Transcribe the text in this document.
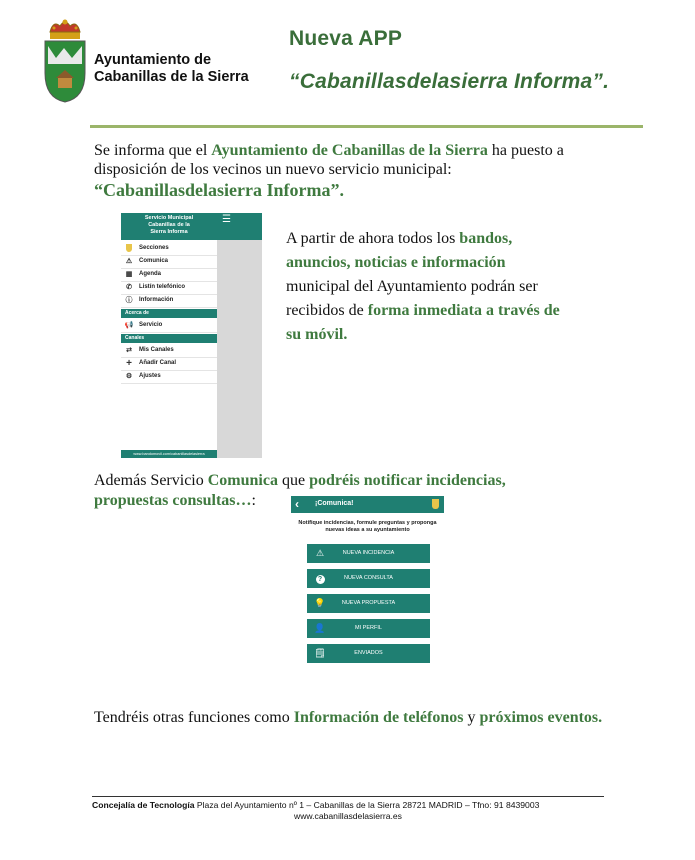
Ayuntamiento de
Cabanillas de la Sierra
Nueva APP
“Cabanillasdelasierra Informa”.
Se informa que el Ayuntamiento de Cabanillas de la Sierra ha puesto a disposición de los vecinos un nuevo servicio municipal:
“Cabanillasdelasierra Informa”.
Servicio Municipal
Cabanillas de la
Sierra Informa
☰
Secciones
⚠	Comunica
▦ Agenda
✆	Listín telefónico
ⓘ Información
Acerca de
📢 Servicio
Canales
⇄	Mis Canales
+	Añadir Canal
⚙	Ajustes
www.bandomovil.com/cabanillasdelasierra
A partir de ahora todos los bandos, anuncios, noticias e información municipal del Ayuntamiento podrán ser recibidos de forma inmediata a través de su móvil.
Además Servicio Comunica que podréis notificar incidencias, propuestas consultas…:	‹ ¡Comunica!
Notifique incidencias, formule preguntas y proponga nuevas ideas a su ayuntamiento
⚠	NUEVA INCIDENCIA
?	NUEVA CONSULTA
💡	NUEVA PROPUESTA
👤	MI PERFIL
🗒	ENVIADOS
Tendréis otras funciones como Información de teléfonos y próximos eventos.
Concejalía de Tecnología Plaza del Ayuntamiento nº 1 – Cabanillas de la Sierra 28721 MADRID – Tfno: 91 8439003
www.cabanillasdelasierra.es
